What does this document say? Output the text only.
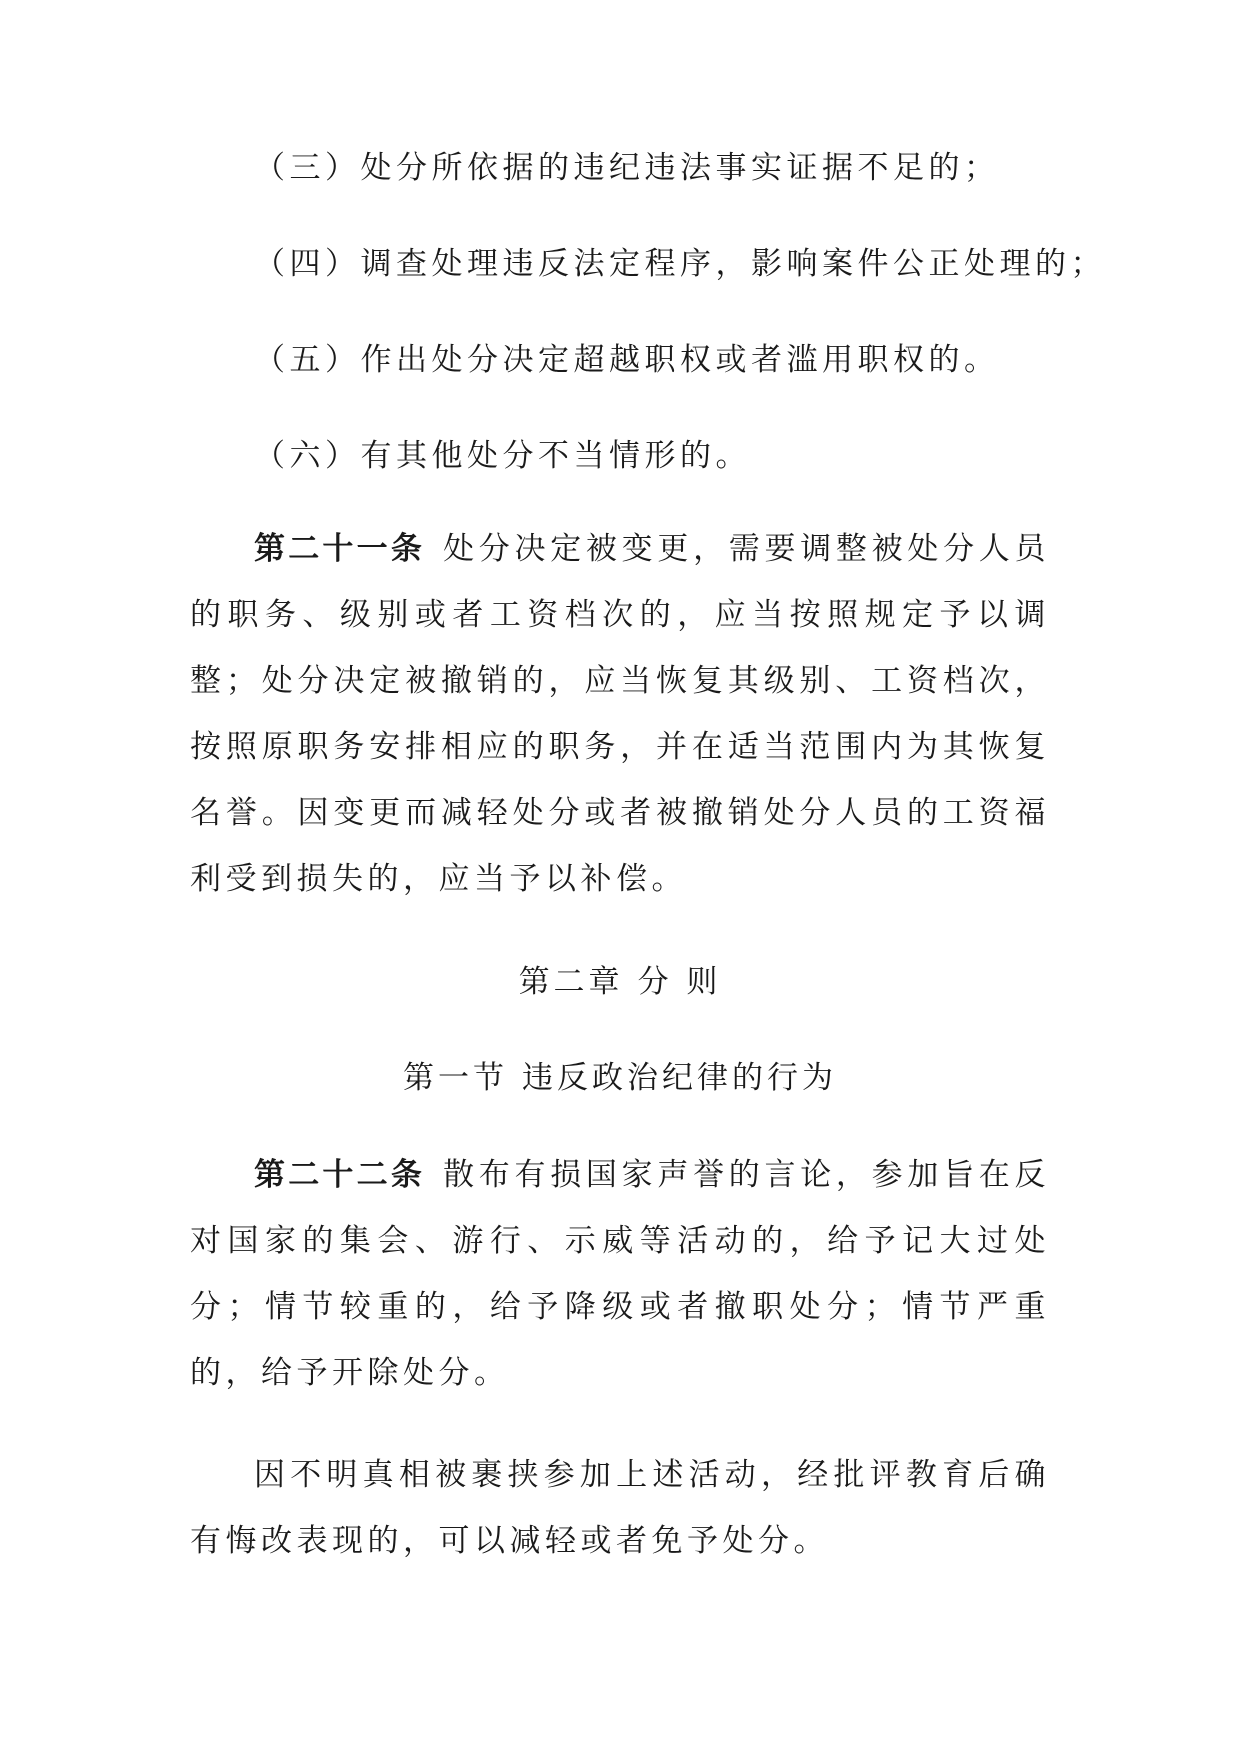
（三）处分所依据的违纪违法事实证据不足的；
（四）调查处理违反法定程序，影响案件公正处理的；
（五）作出处分决定超越职权或者滥用职权的。
（六）有其他处分不当情形的。

第二十一条 处分决定被变更，需要调整被处分人员的职务、级别或者工资档次的，应当按照规定予以调整；处分决定被撤销的，应当恢复其级别、工资档次，按照原职务安排相应的职务，并在适当范围内为其恢复名誉。因变更而减轻处分或者被撤销处分人员的工资福利受到损失的，应当予以补偿。

第二章 分 则
第一节 违反政治纪律的行为

第二十二条 散布有损国家声誉的言论，参加旨在反对国家的集会、游行、示威等活动的，给予记大过处分；情节较重的，给予降级或者撤职处分；情节严重的，给予开除处分。

因不明真相被裹挟参加上述活动，经批评教育后确有悔改表现的，可以减轻或者免予处分。
